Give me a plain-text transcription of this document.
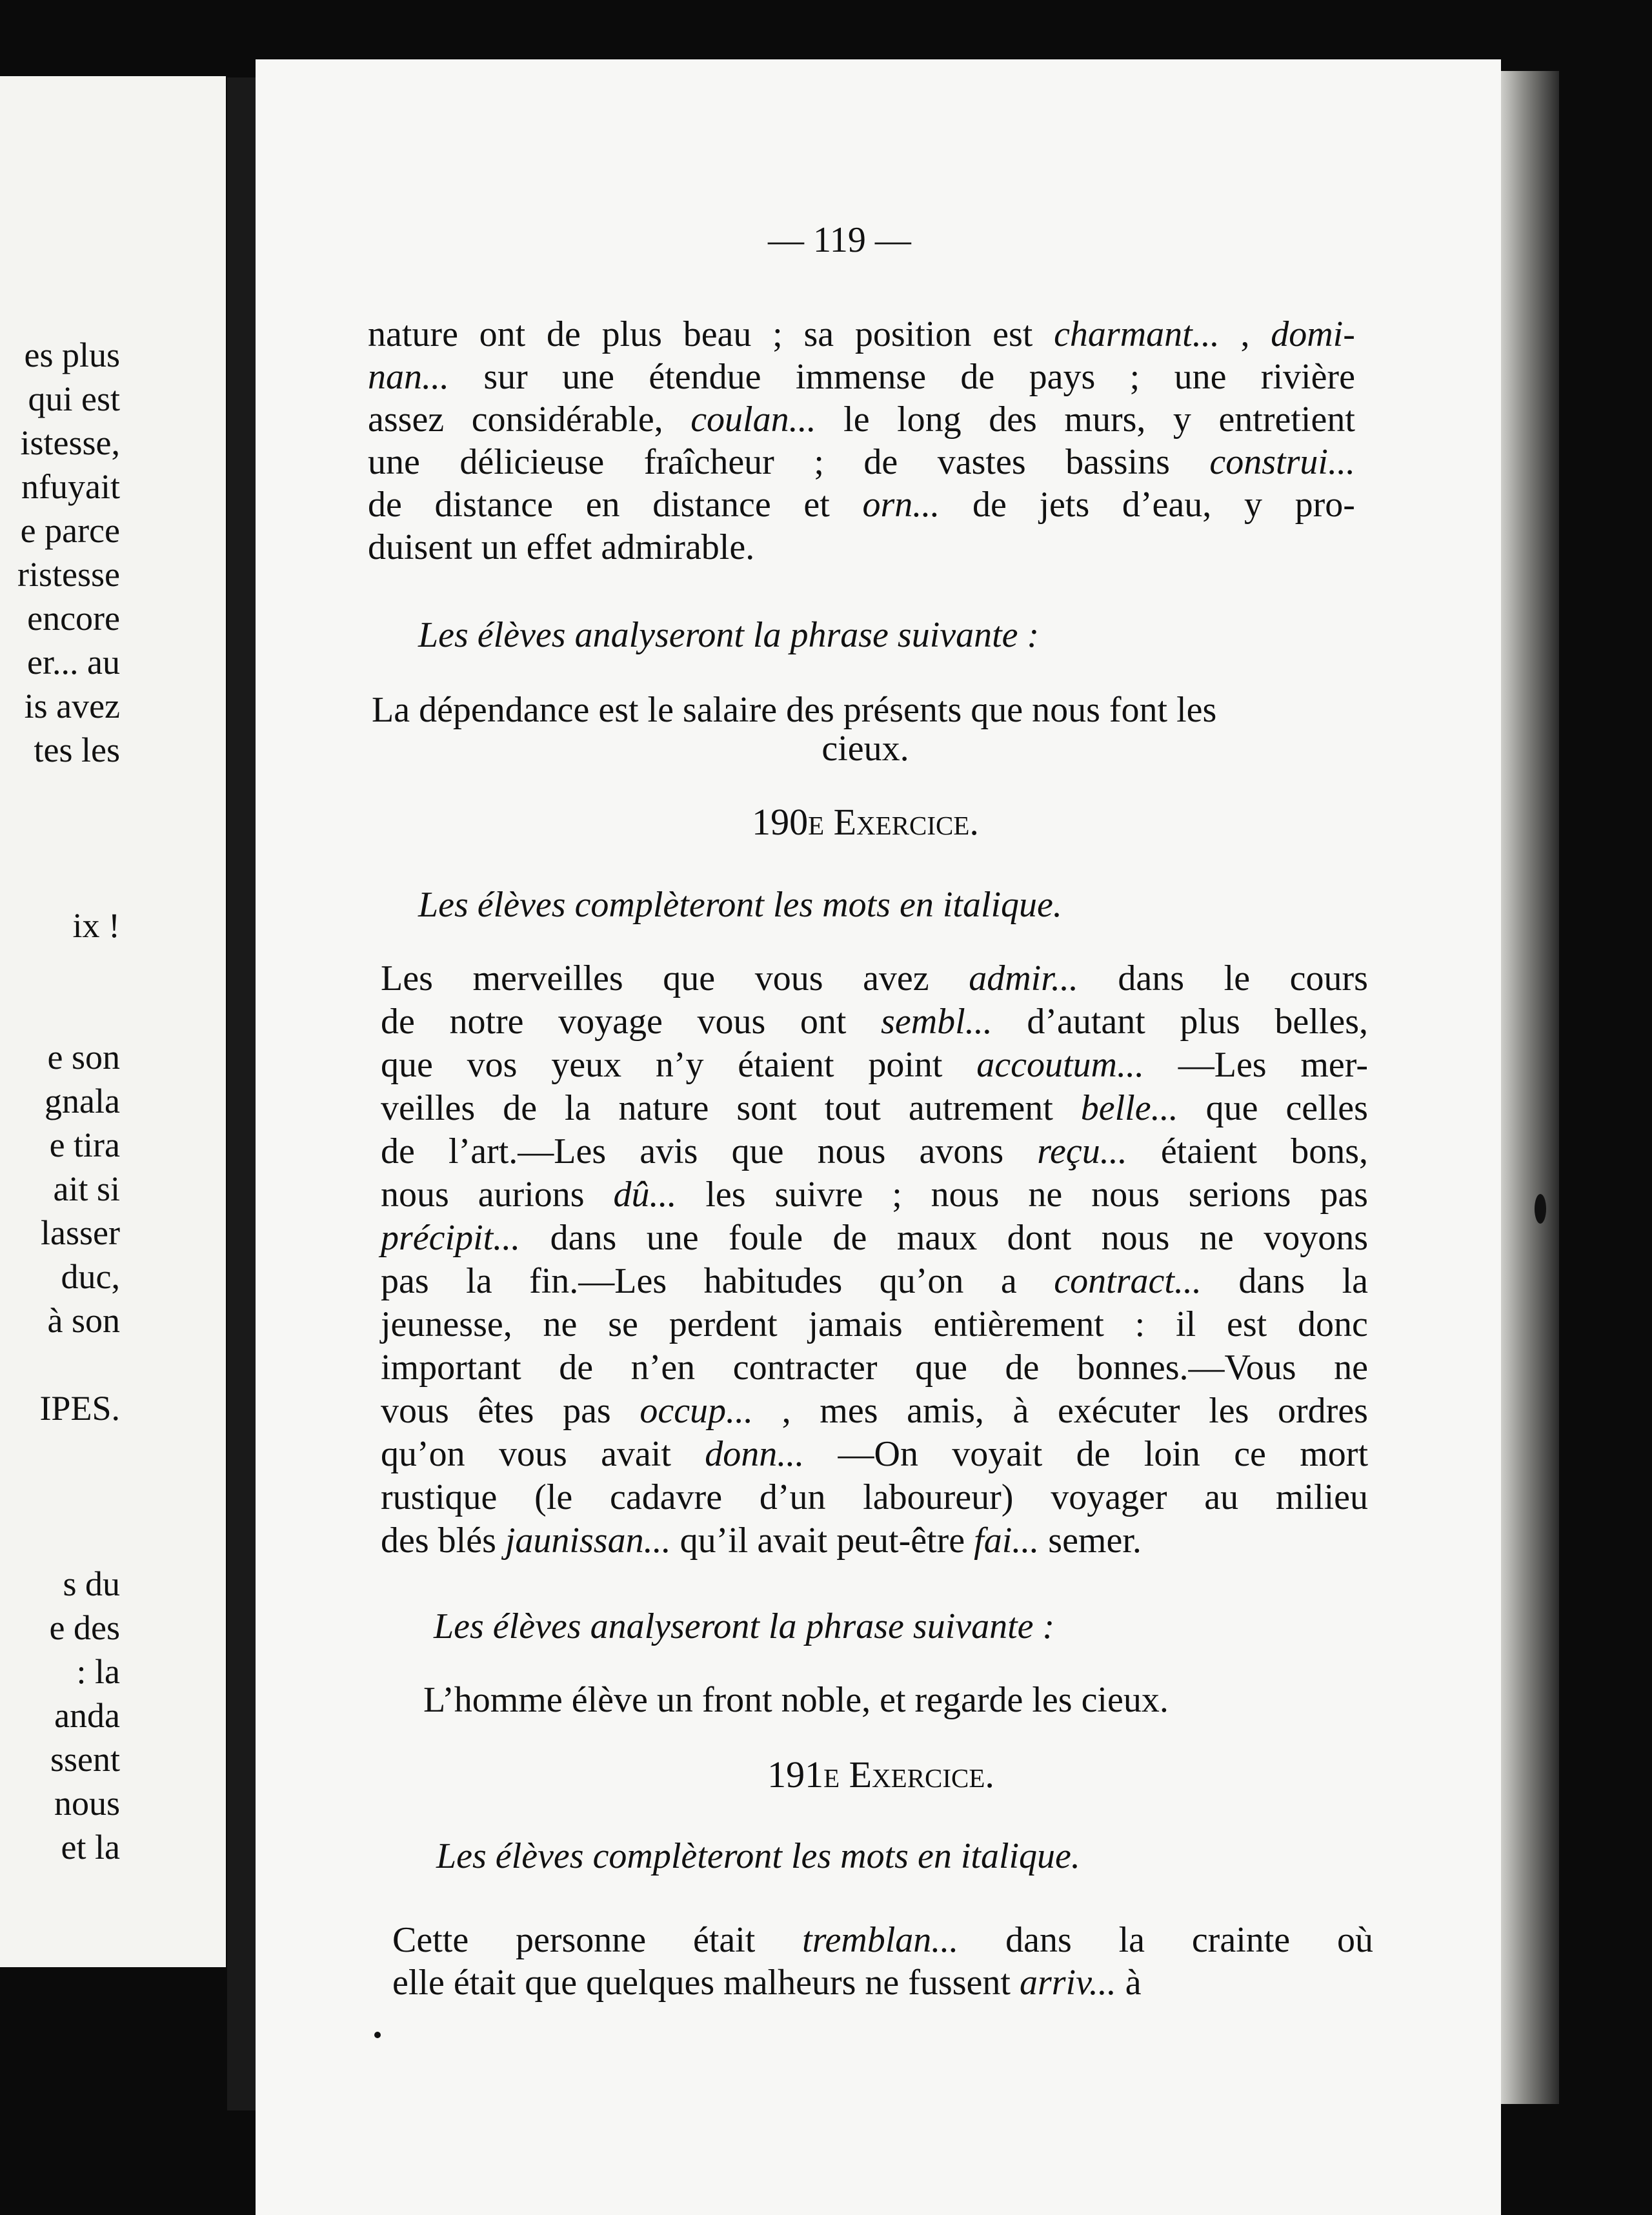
es plus
qui est
istesse,
nfuyait
e parce
ristesse
encore
er... au
is avez
tes les
ix !
e son
gnala
e tira
ait si
lasser
duc,
à son
IPES.
s du
e des
: la
anda
ssent
nous
et la
— 119 —
nature ont de plus beau ; sa position est charmant... , domi-
nan... sur une étendue immense de pays ; une rivière
assez considérable, coulan... le long des murs, y entretient
une délicieuse fraîcheur ; de vastes bassins construi...
de distance en distance et orn... de jets d’eau, y pro-
duisent un effet admirable.
Les élèves analyseront la phrase suivante :
La dépendance est le salaire des présents que nous font les
cieux.
190e Exercice.
Les élèves complèteront les mots en italique.
Les merveilles que vous avez admir... dans le cours
de notre voyage vous ont sembl... d’autant plus belles,
que vos yeux n’y étaient point accoutum... —Les mer-
veilles de la nature sont tout autrement belle... que celles
de l’art.—Les avis que nous avons reçu... étaient bons,
nous aurions dû... les suivre ; nous ne nous serions pas
précipit... dans une foule de maux dont nous ne voyons
pas la fin.—Les habitudes qu’on a contract... dans la
jeunesse, ne se perdent jamais entièrement : il est donc
important de n’en contracter que de bonnes.—Vous ne
vous êtes pas occup... , mes amis, à exécuter les ordres
qu’on vous avait donn... —On voyait de loin ce mort
rustique (le cadavre d’un laboureur) voyager au milieu
des blés jaunissan... qu’il avait peut-être fai... semer.
Les élèves analyseront la phrase suivante :
L’homme élève un front noble, et regarde les cieux.
191e Exercice.
Les élèves complèteront les mots en italique.
Cette personne était tremblan... dans la crainte où
elle était que quelques malheurs ne fussent arriv... à
